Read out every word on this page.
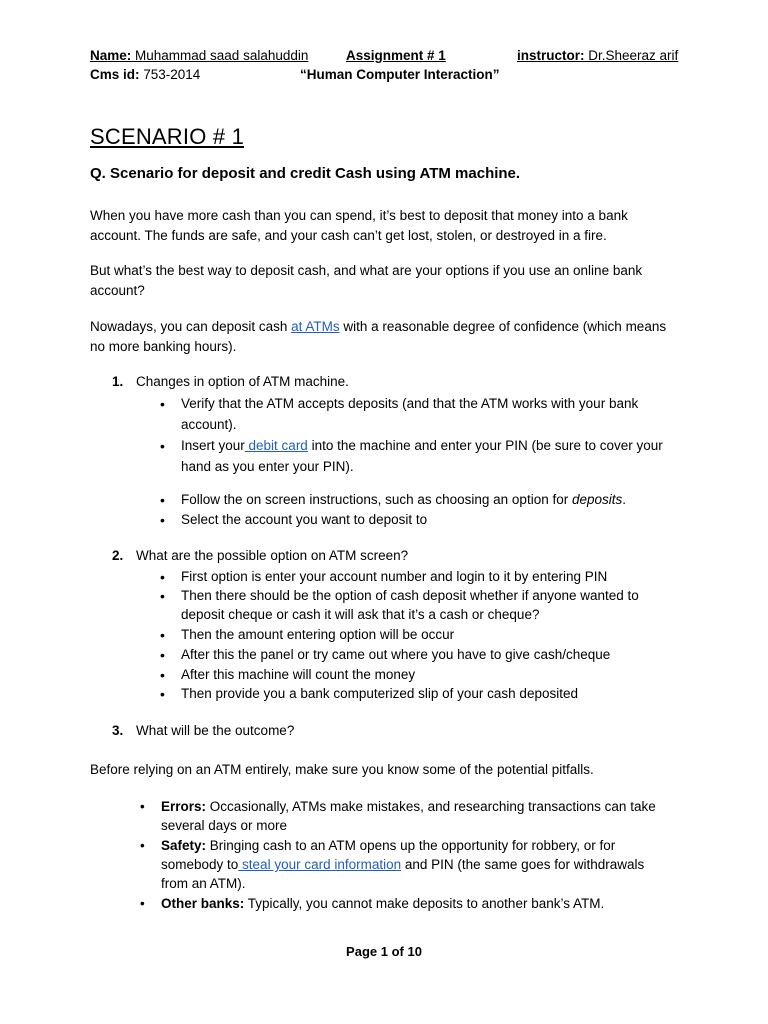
Name: Muhammad saad salahuddin	Assignment # 1	instructor: Dr.Sheeraz arif
Cms id: 753-2014	“Human Computer Interaction”
SCENARIO # 1
Q. Scenario for deposit and credit Cash using ATM machine.
When you have more cash than you can spend, it’s best to deposit that money into a bank
account. The funds are safe, and your cash can’t get lost, stolen, or destroyed in a fire.
But what’s the best way to deposit cash, and what are your options if you use an online bank
account?
Nowadays, you can deposit cash at ATMs with a reasonable degree of confidence (which means
no more banking hours).
1. Changes in option of ATM machine.
• Verify that the ATM accepts deposits (and that the ATM works with your bank
account).
• Insert your debit card into the machine and enter your PIN (be sure to cover your
hand as you enter your PIN).
• Follow the on screen instructions, such as choosing an option for deposits.
• Select the account you want to deposit to
2. What are the possible option on ATM screen?
• First option is enter your account number and login to it by entering PIN
• Then there should be the option of cash deposit whether if anyone wanted to
deposit cheque or cash it will ask that it’s a cash or cheque?
• Then the amount entering option will be occur
• After this the panel or try came out where you have to give cash/cheque
• After this machine will count the money
• Then provide you a bank computerized slip of your cash deposited
3. What will be the outcome?
Before relying on an ATM entirely, make sure you know some of the potential pitfalls.
• Errors: Occasionally, ATMs make mistakes, and researching transactions can take
several days or more
• Safety: Bringing cash to an ATM opens up the opportunity for robbery, or for
somebody to steal your card information and PIN (the same goes for withdrawals
from an ATM).
• Other banks: Typically, you cannot make deposits to another bank’s ATM.
Page 1 of 10
